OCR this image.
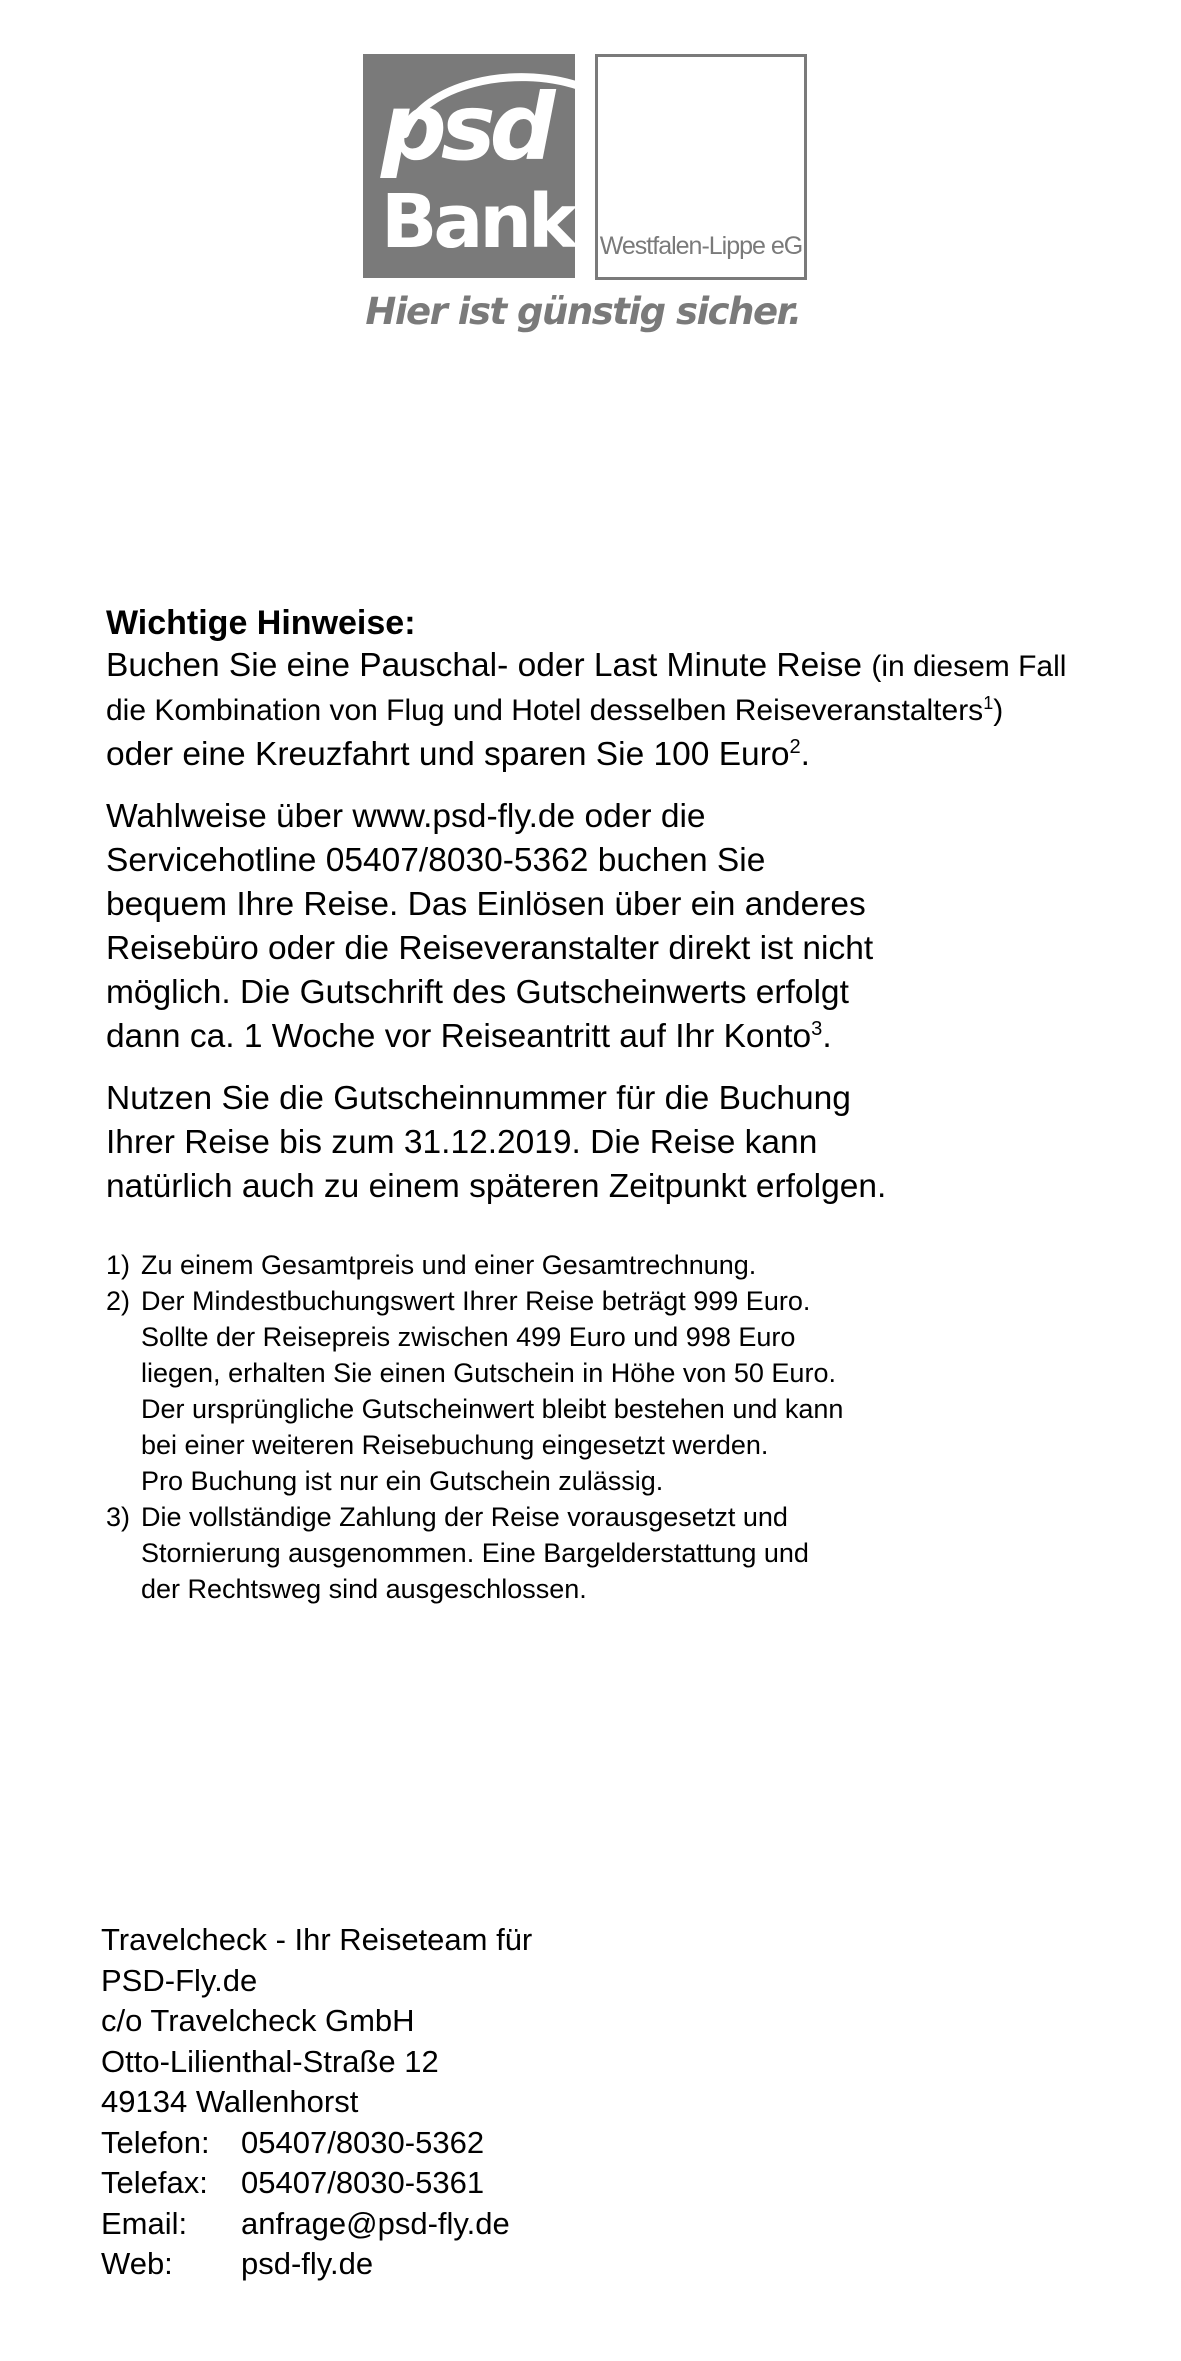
psd
Bank Westfalen-Lippe eG
Hier ist günstig sicher.
Wichtige Hinweise:
Buchen Sie eine Pauschal- oder Last Minute Reise (in diesem Fall
die Kombination von Flug und Hotel desselben Reiseveranstalters$^1$)
oder eine Kreuzfahrt und sparen Sie 100 Euro$^2$.
Wahlweise über www.psd-fly.de oder die
Servicehotline 05407/8030-5362 buchen Sie
bequem Ihre Reise. Das Einlösen über ein anderes
Reisebüro oder die Reiseveranstalter direkt ist nicht
möglich. Die Gutschrift des Gutscheinwerts erfolgt
dann ca. 1 Woche vor Reiseantritt auf Ihr Konto$^3$.
Nutzen Sie die Gutscheinnummer für die Buchung
Ihrer Reise bis zum 31.12.2019. Die Reise kann
natürlich auch zu einem späteren Zeitpunkt erfolgen.
1) Zu einem Gesamtpreis und einer Gesamtrechnung.
2) Der Mindestbuchungswert Ihrer Reise beträgt 999 Euro.
Sollte der Reisepreis zwischen 499 Euro und 998 Euro
liegen, erhalten Sie einen Gutschein in Höhe von 50 Euro.
Der ursprüngliche Gutscheinwert bleibt bestehen und kann
bei einer weiteren Reisebuchung eingesetzt werden.
Pro Buchung ist nur ein Gutschein zulässig.
3) Die vollständige Zahlung der Reise vorausgesetzt und
Stornierung ausgenommen. Eine Bargelderstattung und
der Rechtsweg sind ausgeschlossen.
Travelcheck - Ihr Reiseteam für
PSD-Fly.de
c/o Travelcheck GmbH
Otto-Lilienthal-Straße 12
49134 Wallenhorst
Telefon:	05407/8030-5362
Telefax:	05407/8030-5361
Email:	anfrage@psd-fly.de
Web:	psd-fly.de
